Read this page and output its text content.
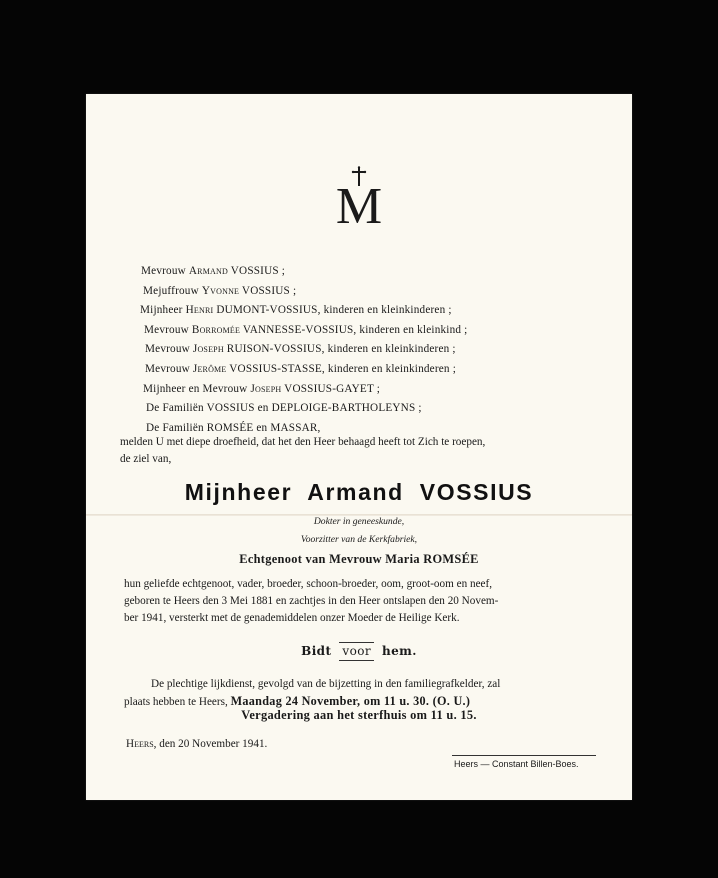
M
Mevrouw Armand VOSSIUS ;
Mejuffrouw Yvonne VOSSIUS ;
Mijnheer Henri DUMONT-VOSSIUS, kinderen en kleinkinderen ;
Mevrouw Borromée VANNESSE-VOSSIUS, kinderen en kleinkind ;
Mevrouw Joseph RUISON-VOSSIUS, kinderen en kleinkinderen ;
Mevrouw Jerôme VOSSIUS-STASSE, kinderen en kleinkinderen ;
Mijnheer en Mevrouw Joseph VOSSIUS-GAYET ;
De Familiën VOSSIUS en DEPLOIGE-BARTHOLEYNS ;
De Familiën ROMSÉE en MASSAR,
melden U met diepe droefheid, dat het den Heer behaagd heeft tot Zich te roepen,
de ziel van,
Mijnheer  Armand  VOSSIUS
Dokter in geneeskunde,
Voorzitter van de Kerkfabriek,
Echtgenoot van Mevrouw Maria ROMSÉE
hun geliefde echtgenoot, vader, broeder, schoon-broeder, oom, groot-oom en neef,
geboren te Heers den 3 Mei 1881 en zachtjes in den Heer ontslapen den 20 Novem-
ber 1941, versterkt met de genademiddelen onzer Moeder de Heilige Kerk.
Bidt voor hem.
De plechtige lijkdienst, gevolgd van de bijzetting in den familiegrafkelder, zal
plaats hebben te Heers, Maandag 24 November, om 11 u. 30. (O. U.)
Vergadering aan het sterfhuis om 11 u. 15.
Heers, den 20 November 1941.
Heers — Constant Billen-Boes.
